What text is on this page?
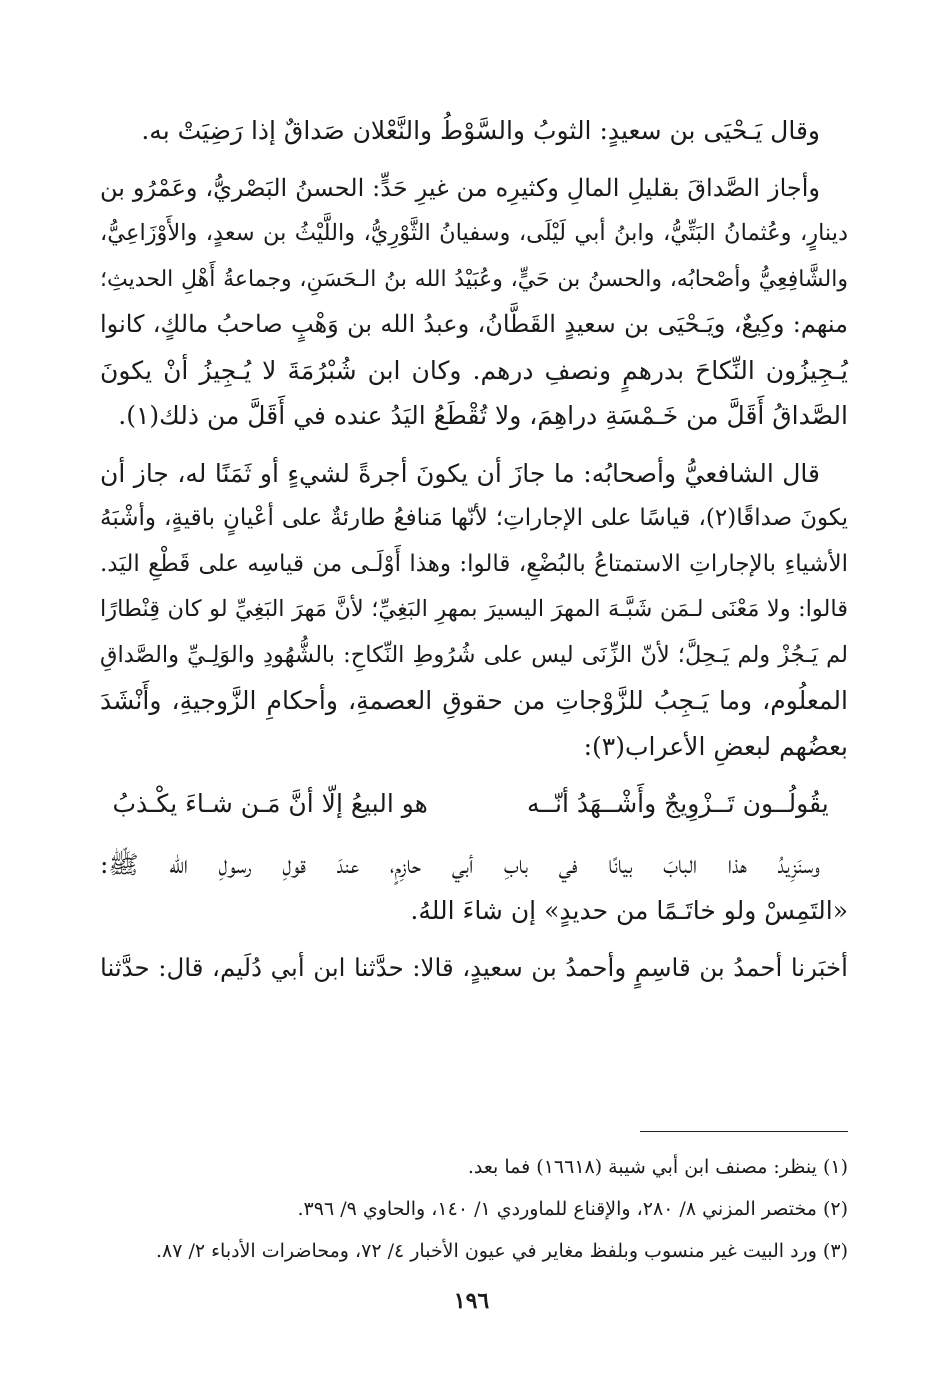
وقال يَـحْيَى بن سعيدٍ: الثوبُ والسَّوْطُ والنَّعْلان صَداقٌ إذا رَضِيَتْ به.
وأجاز الصَّداقَ بقليلِ المالِ وكثيرِه من غيرِ حَدٍّ: الحسنُ البَصْريُّ، وعَمْرُو بن
دينارٍ، وعُثمانُ البَتِّيُّ، وابنُ أبي لَيْلَى، وسفيانُ الثَّوْرِيُّ، واللَّيْثُ بن سعدٍ، والأَوْزَاعِيُّ،
والشَّافِعِيُّ وأصْحابُه، والحسنُ بن حَيٍّ، وعُبَيْدُ الله بنُ الـحَسَنِ، وجماعةُ أَهْلِ الحديثِ؛
منهم: وكِيعٌ، ويَـحْيَى بن سعيدٍ القَطَّانُ، وعبدُ الله بن وَهْبٍ صاحبُ مالكٍ، كانوا
يُـجِيزُون النِّكاحَ بدرهمٍ ونصفِ درهم. وكان ابن شُبْرُمَةَ لا يُـجِيزُ أنْ يكونَ
الصَّداقُ أَقَلَّ من خَـمْسَةِ دراهِمَ، ولا تُقْطَعُ اليَدُ عنده في أَقَلَّ من ذلك(١).
قال الشافعيُّ وأصحابُه: ما جازَ أن يكونَ أجرةً لشيءٍ أو ثَمَنًا له، جاز أن
يكونَ صداقًا(٢)، قياسًا على الإجاراتِ؛ لأنّها مَنافعُ طارئةٌ على أعْيانٍ باقيةٍ، وأشْبَهُ
الأشياءِ بالإجاراتِ الاستمتاعُ بالبُضْعِ، قالوا: وهذا أَوْلَـى من قياسِه على قَطْعِ اليَد.
قالوا: ولا مَعْنَى لـمَن شَبَّـهَ المهرَ اليسيرَ بمهرِ البَغِيِّ؛ لأنَّ مَهرَ البَغِيِّ لو كان قِنْطارًا
لم يَـجُزْ ولم يَـحِلَّ؛ لأنّ الزِّنَى ليس على شُرُوطِ النِّكاحِ: بالشُّهُودِ والوَلِـيِّ والصَّداقِ
المعلُوم، وما يَـجِبُ للزَّوْجاتِ من حقوقِ العصمةِ، وأحكامِ الزَّوجيةِ، وأَنْشَدَ
بعضُهم لبعضِ الأعراب(٣):
يقُولُــون تَــزْوِيجٌ وأَشْــهَدُ أنّــه
هو البيعُ إلّا أنَّ مَـن شـاءَ يكْـذبُ
وسنَزِيدُ هذا البابَ بيانًا في بابِ أبي حازِمٍ، عندَ قولِ رسولِ الله ﷺ:
«التَمِسْ ولو خاتَـمًا من حديدٍ» إن شاءَ اللهُ.
أخبَرنا أحمدُ بن قاسِمٍ وأحمدُ بن سعيدٍ، قالا: حدَّثنا ابن أبي دُلَيم، قال: حدَّثنا
(١) ينظر: مصنف ابن أبي شيبة (١٦٦١٨) فما بعد.
(٢) مختصر المزني ٨/ ٢٨٠، والإقناع للماوردي ١/ ١٤٠، والحاوي ٩/ ٣٩٦.
(٣) ورد البيت غير منسوب وبلفظ مغاير في عيون الأخبار ٤/ ٧٢، ومحاضرات الأدباء ٢/ ٨٧.
١٩٦
